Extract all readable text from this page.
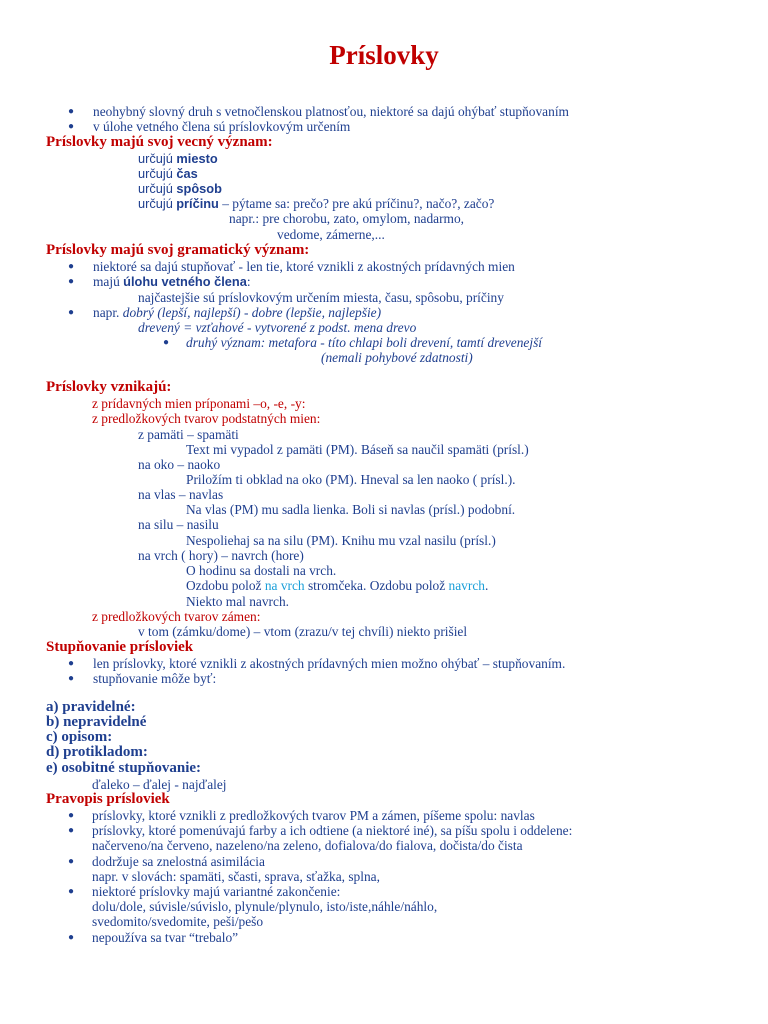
Príslovky
● neohybný slovný druh s vetnočlenskou platnosťou, niektoré sa dajú ohýbať stupňovaním
● v úlohe vetného člena sú príslovkovým určením
Príslovky majú svoj vecný význam:
určujú miesto
určujú čas
určujú spôsob
určujú príčinu – pýtame sa: prečo? pre akú príčinu?, načo?, začo?
napr.: pre chorobu, zato, omylom, nadarmo,
vedome, zámerne,...
Príslovky majú svoj gramatický význam:
● niektoré sa dajú stupňovať - len tie, ktoré vznikli z akostných prídavných mien
● majú úlohu vetného člena:
najčastejšie sú príslovkovým určením miesta, času, spôsobu, príčiny
● napr. dobrý (lepší, najlepší) - dobre (lepšie, najlepšie)
drevený = vzťahové - vytvorené z podst. mena drevo
● druhý význam: metafora - títo chlapi boli drevení, tamtí drevenejší
(nemali pohybové zdatnosti)
Príslovky vznikajú:
z prídavných mien príponami –o, -e, -y:
z predložkových tvarov podstatných mien:
z pamäti – spamäti
Text mi vypadol z pamäti (PM). Báseň sa naučil spamäti (prísl.)
na oko – naoko
Priložím ti obklad na oko (PM). Hneval sa len naoko ( prísl.).
na vlas – navlas
Na vlas (PM) mu sadla lienka. Boli si navlas (prísl.) podobní.
na silu – nasilu
Nespoliehaj sa na silu (PM). Knihu mu vzal nasilu (prísl.)
na vrch ( hory) – navrch (hore)
O hodinu sa dostali na vrch.
Ozdobu polož na vrch stromčeka. Ozdobu polož navrch.
Niekto mal navrch.
z predložkových tvarov zámen:
v tom (zámku/dome) – vtom (zrazu/v tej chvíli) niekto prišiel
Stupňovanie prísloviek
● len príslovky, ktoré vznikli z akostných prídavných mien možno ohýbať – stupňovaním.
● stupňovanie môže byť:
a) pravidelné:
b) nepravidelné
c) opisom:
d) protikladom:
e) osobitné stupňovanie:
ďaleko – ďalej - najďalej
Pravopis prísloviek
● príslovky, ktoré vznikli z predložkových tvarov PM a zámen, píšeme spolu: navlas
● príslovky, ktoré pomenúvajú farby a ich odtiene (a niektoré iné), sa píšu spolu i oddelene:
načerveno/na červeno, nazeleno/na zeleno, dofialova/do fialova, dočista/do čista
● dodržuje sa znelostná asimilácia
napr. v slovách: spamäti, sčasti, sprava, sťažka, splna,
● niektoré príslovky majú variantné zakončenie:
dolu/dole, súvisle/súvislo, plynule/plynulo, isto/iste,náhle/náhlo,
svedomito/svedomite, peši/pešo
● nepoužíva sa tvar “trebalo”
